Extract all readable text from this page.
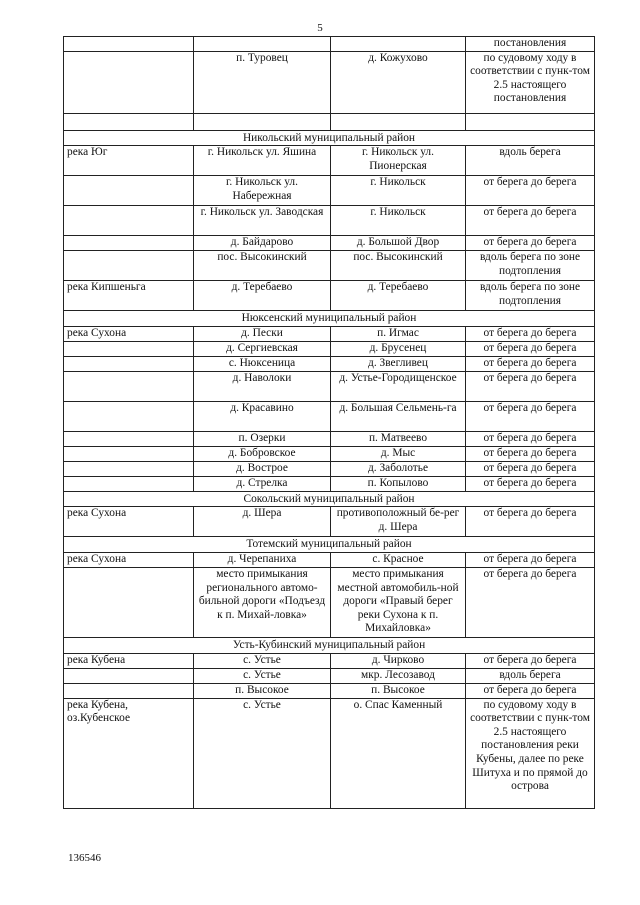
5
			постановления
	п. Туровец	д. Кожухово	по судовому ходу в соответствии с пунк-том 2.5 настоящего постановления

Никольский муниципальный район			
река Юг	г. Никольск ул. Яшина	г. Никольск ул. Пионерская	вдоль берега
	г. Никольск ул. Набережная	г. Никольск	от берега до берега
	г. Никольск ул. Заводская	г. Никольск	от берега до берега
	д. Байдарово	д. Большой Двор	от берега до берега
	пос. Высокинский	пос. Высокинский	вдоль берега по зоне подтопления
река Кипшеньга	д. Теребаево	д. Теребаево	вдоль берега по зоне подтопления
Нюксенский муниципальный район			
река Сухона	д. Пески	п. Игмас	от берега до берега
	д. Сергиевская	д. Брусенец	от берега до берега
	с. Нюксеница	д. Звегливец	от берега до берега
	д. Наволоки	д. Устье-Городищенское	от берега до берега
	д. Красавино	д. Большая Сельмень-га	от берега до берега
	п. Озерки	п. Матвеево	от берега до берега
	д. Бобровское	д. Мыс	от берега до берега
	д. Вострое	д. Заболотье	от берега до берега
	д. Стрелка	п. Копылово	от берега до берега
Сокольский муниципальный район			
река Сухона	д. Шера	противоположный бе-рег д. Шера	от берега до берега
Тотемский муниципальный район			
река Сухона	д. Черепаниха	с. Красное	от берега до берега
	место примыкания регионального автомо-бильной дороги «Подъезд к п. Михай-ловка»	место примыкания местной автомобиль-ной дороги «Правый берег реки Сухона к п. Михайловка»	от берега до берега
Усть-Кубинский муниципальный район			
река Кубена	с. Устье	д. Чирково	от берега до берега
	с. Устье	мкр. Лесозавод	вдоль берега
	п. Высокое	п. Высокое	от берега до берега
река Кубена, оз.Кубенское	с. Устье	о. Спас Каменный	по судовому ходу в соответствии с пунк-том 2.5 настоящего постановления реки Кубены, далее по реке Шитуха и по прямой до острова
136546
